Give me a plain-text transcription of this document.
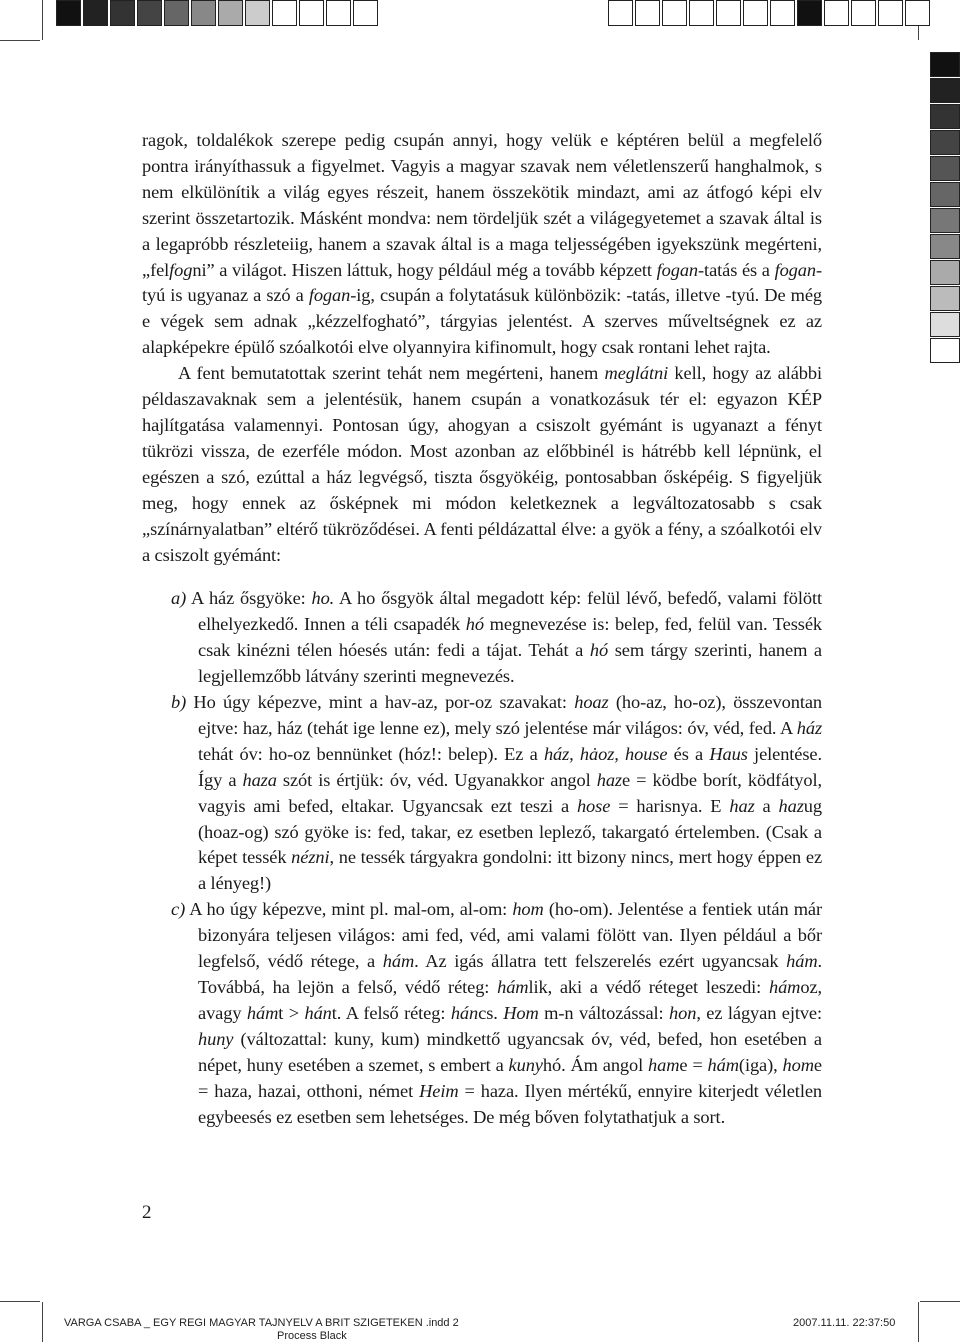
ragok, toldalékok szerepe pedig csupán annyi, hogy velük e képtéren belül a megfelelő pontra irányíthassuk a figyelmet. Vagyis a magyar szavak nem véletlenszerű hanghalmok, s nem elkülönítik a világ egyes részeit, hanem összekötik mindazt, ami az átfogó képi elv szerint összetartozik. Másként mondva: nem tördeljük szét a világegyetemet a szavak által is a legapróbb részleteiig, hanem a szavak által is a maga teljességében igyekszünk megérteni, „felfogni” a világot. Hiszen láttuk, hogy például még a tovább képzett fogan-tatás és a fogan-tyú is ugyanaz a szó a fogan-ig, csupán a folytatásuk különbözik: -tatás, illetve -tyú. De még e végek sem adnak „kézzelfogható”, tárgyias jelentést. A szerves műveltségnek ez az alapképekre épülő szóalkotói elve olyannyira kifinomult, hogy csak rontani lehet rajta.

A fent bemutatottak szerint tehát nem megérteni, hanem meglátni kell, hogy az alábbi példaszavaknak sem a jelentésük, hanem csupán a vonatkozásuk tér el: egyazon KÉP hajlítgatása valamennyi. Pontosan úgy, ahogyan a csiszolt gyémánt is ugyanazt a fényt tükrözi vissza, de ezerféle módon. Most azonban az előbbinél is hátrébb kell lépnünk, el egészen a szó, ezúttal a ház legvégső, tiszta ősgyökéig, pontosabban ősképéig. S figyeljük meg, hogy ennek az ősképnek mi módon keletkeznek a legváltozatosabb s csak „színárnyalatban” eltérő tükröződései. A fenti példázattal élve: a gyök a fény, a szóalkotói elv a csiszolt gyémánt:

a) A ház ősgyöke: ho. A ho ősgyök által megadott kép: felül lévő, befedő, valami fölött elhelyezkedő. Innen a téli csapadék hó megnevezése is: belep, fed, felül van. Tessék csak kinézni télen hóesés után: fedi a tájat. Tehát a hó sem tárgy szerinti, hanem a legjellemzőbb látvány szerinti megnevezés.

b) Ho úgy képezve, mint a hav-az, por-oz szavakat: hoaz (ho-az, ho-oz), összevontan ejtve: haz, ház (tehát ige lenne ez), mely szó jelentése már világos: óv, véd, fed. A ház tehát óv: ho-oz bennünket (hóz!: belep). Ez a ház, hȧoz, house és a Haus jelentése. Így a haza szót is értjük: óv, véd. Ugyanakkor angol haze = ködbe borít, ködfátyol, vagyis ami befed, eltakar. Ugyancsak ezt teszi a hose = harisnya. E haz a hazug (hoaz-og) szó gyöke is: fed, takar, ez esetben leplező, takargató értelemben. (Csak a képet tessék nézni, ne tessék tárgyakra gondolni: itt bizony nincs, mert hogy éppen ez a lényeg!)

c) A ho úgy képezve, mint pl. mal-om, al-om: hom (ho-om). Jelentése a fentiek után már bizonyára teljesen világos: ami fed, véd, ami valami fölött van. Ilyen például a bőr legfelső, védő rétege, a hám. Az igás állatra tett felszerelés ezért ugyancsak hám. Továbbá, ha lejön a felső, védő réteg: hámlik, aki a védő réteget leszedi: hámoz, avagy hámt > hánt. A felső réteg: háncs. Hom m-n változással: hon, ez lágyan ejtve: huny (változattal: kuny, kum) mindkettő ugyancsak óv, véd, befed, hon esetében a népet, huny esetében a szemet, s embert a kunyhó. Ám angol hame = hám(iga), home = haza, hazai, otthoni, német Heim = haza. Ilyen mértékű, ennyire kiterjedt véletlen egybeesés ez esetben sem lehetséges. De még bőven folytathatjuk a sort.

2
VARGA CSABA _ EGY REGI MAGYAR TAJNYELV A BRIT SZIGETEKEN .indd 2
Process Black
2007.11.11. 22:37:50
